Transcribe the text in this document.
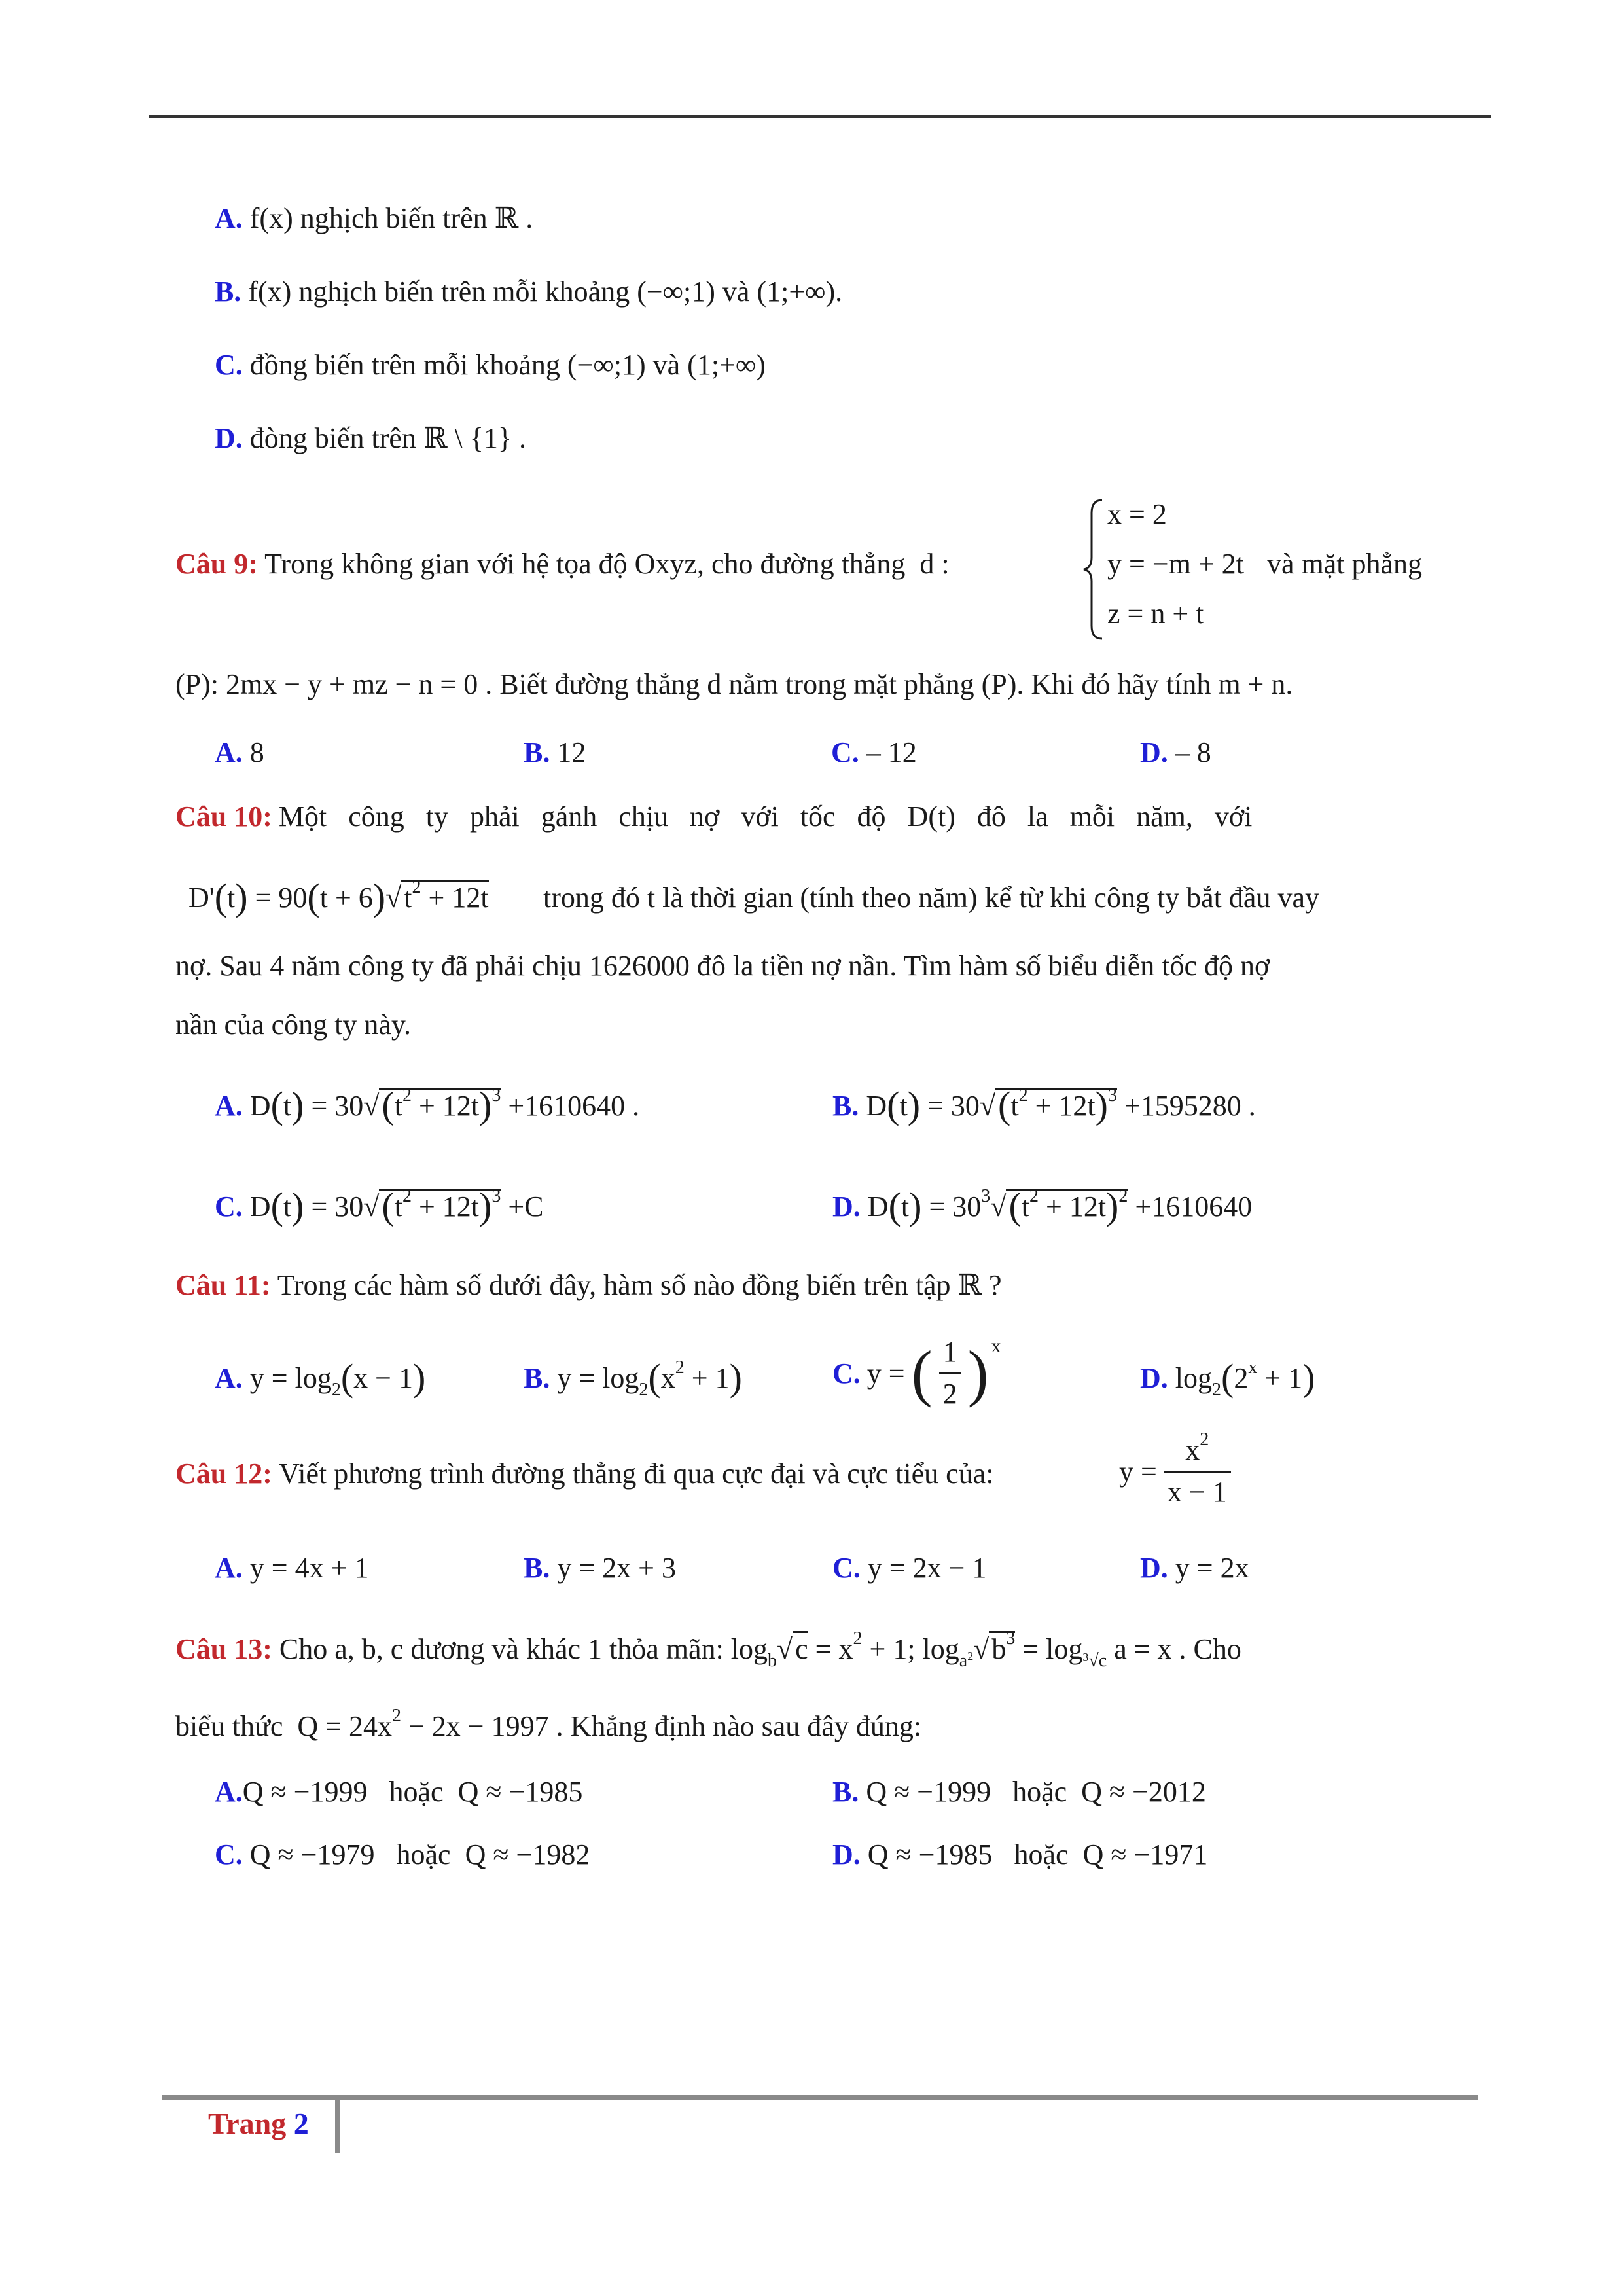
A. f(x) nghịch biến trên ℝ .
B. f(x) nghịch biến trên mỗi khoảng (−∞;1) và (1;+∞).
C. đồng biến trên mỗi khoảng (−∞;1) và (1;+∞)
D. đòng biến trên ℝ \ {1} .
Câu 9: Trong không gian với hệ tọa độ Oxyz, cho đường thẳng  d :
x = 2
y = −m + 2t
z = n + t
và mặt phẳng
(P): 2mx − y + mz − n = 0 . Biết đường thẳng d nằm trong mặt phẳng (P). Khi đó hãy tính m + n.
A. 8	B. 12	C. – 12	D. – 8
Câu 10: Một công ty phải gánh chịu nợ với tốc độ D(t) đô la mỗi năm, với
$D'(t) = 90(t + 6)√t^2 + 12t$ trong đó t là thời gian (tính theo năm) kể từ khi công ty bắt đầu vay
nợ. Sau 4 năm công ty đã phải chịu 1626000 đô la tiền nợ nần. Tìm hàm số biểu diễn tốc độ nợ
nần của công ty này.
A. $D(t) = 30√(t^2 + 12t)^3 +1610640$ .	B. $D(t) = 30√(t^2 + 12t)^3 +1595280$ .
C. $D(t) = 30√(t^2 + 12t)^3 +C$	D. $D(t) = 30^3√(t^2 + 12t)^2 +1610640$
Câu 11: Trong các hàm số dưới đây, hàm số nào đồng biến trên tập ℝ ?
A. $y = \log_2(x - 1)$	B. $y = \log_2(x^2 + 1)$	C. y = ( $\frac{1}{2}$ ) x
D. $\log_2(2^x + 1)$
Câu 12: Viết phương trình đường thẳng đi qua cực đại và cực tiểu của:	$y = \frac{x^2}{x - 1}$
A. y = 4x + 1	B. y = 2x + 3	C. y = 2x − 1	D. y = 2x
Câu 13: Cho a, b, c dương và khác 1 thỏa mãn: $\log_b√c = x^2 + 1$; $\log_{a^2}√b^3 = \log_{^3√c} a = x$ . Cho
biểu thức  $Q = 24x^2 - 2x - 1997$ . Khẳng định nào sau đây đúng:
A.Q ≈ −1999   hoặc  Q ≈ −1985	B. Q ≈ −1999   hoặc  Q ≈ −2012
C. Q ≈ −1979   hoặc  Q ≈ −1982	D. Q ≈ −1985   hoặc  Q ≈ −1971
Trang 2
